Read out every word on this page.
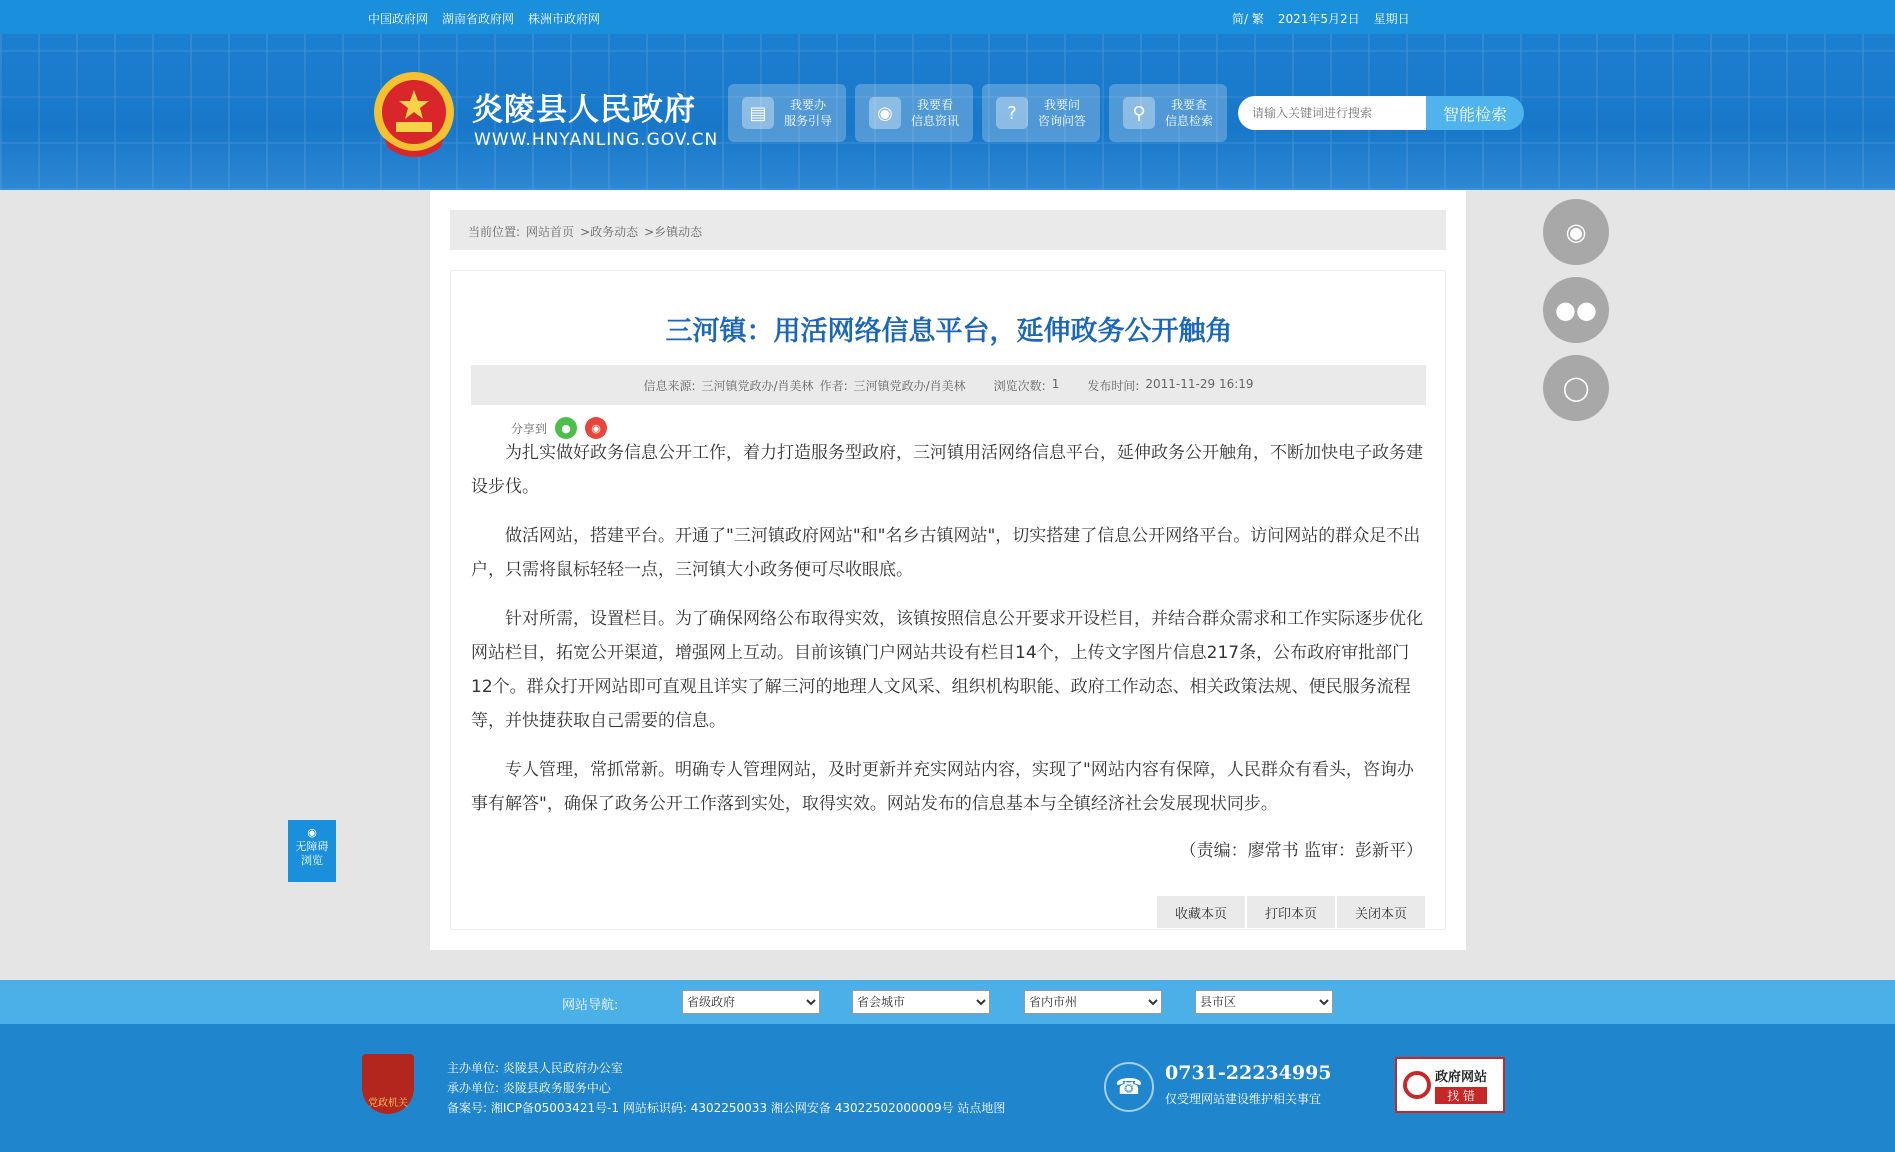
中国政府网 湖南省政府网 株洲市政府网	简/ 繁 2021年5月2日 星期日
炎陵县人民政府
WWW.HNYANLING.GOV.CN
▤	我要办
服务引导	◉	我要看
信息资讯	?	我要问
咨询问答	⚲	我要查
信息检索
请输入关键词进行搜索	智能检索
当前位置: 网站首页 >政务动态 >乡镇动态
三河镇：用活网络信息平台，延伸政务公开触角
信息来源: 三河镇党政办/肖美林 作者: 三河镇党政办/肖美林 浏览次数: 1 发布时间: 2011-11-29 16:19
分享到	●	◉

为扎实做好政务信息公开工作，着力打造服务型政府，三河镇用活网络信息平台，延伸政务公开触角，不断加快电子政务建设步伐。

做活网站，搭建平台。开通了"三河镇政府网站"和"名乡古镇网站"，切实搭建了信息公开网络平台。访问网站的群众足不出户，只需将鼠标轻轻一点，三河镇大小政务便可尽收眼底。

针对所需，设置栏目。为了确保网络公布取得实效，该镇按照信息公开要求开设栏目，并结合群众需求和工作实际逐步优化网站栏目，拓宽公开渠道，增强网上互动。目前该镇门户网站共设有栏目14个，上传文字图片信息217条，公布政府审批部门12个。群众打开网站即可直观且详实了解三河的地理人文风采、组织机构职能、政府工作动态、相关政策法规、便民服务流程等，并快捷获取自己需要的信息。

专人管理，常抓常新。明确专人管理网站，及时更新并充实网站内容，实现了"网站内容有保障，人民群众有看头，咨询办事有解答"，确保了政务公开工作落到实处，取得实效。网站发布的信息基本与全镇经济社会发展现状同步。

（责编：廖常书 监审：彭新平）
收藏本页	打印本页	关闭本页
◉
●●
◯
◉
无障碍
浏览
网站导航:
省级政府
省会城市
省内市州
县市区
党政机关
主办单位: 炎陵县人民政府办公室
承办单位: 炎陵县政务服务中心
备案号: 湘ICP备05003421号-1 网站标识码: 4302250033 湘公网安备 43022502000009号 站点地图
☎
0731-22234995
仅受理网站建设维护相关事宜
政府网站
找 错
